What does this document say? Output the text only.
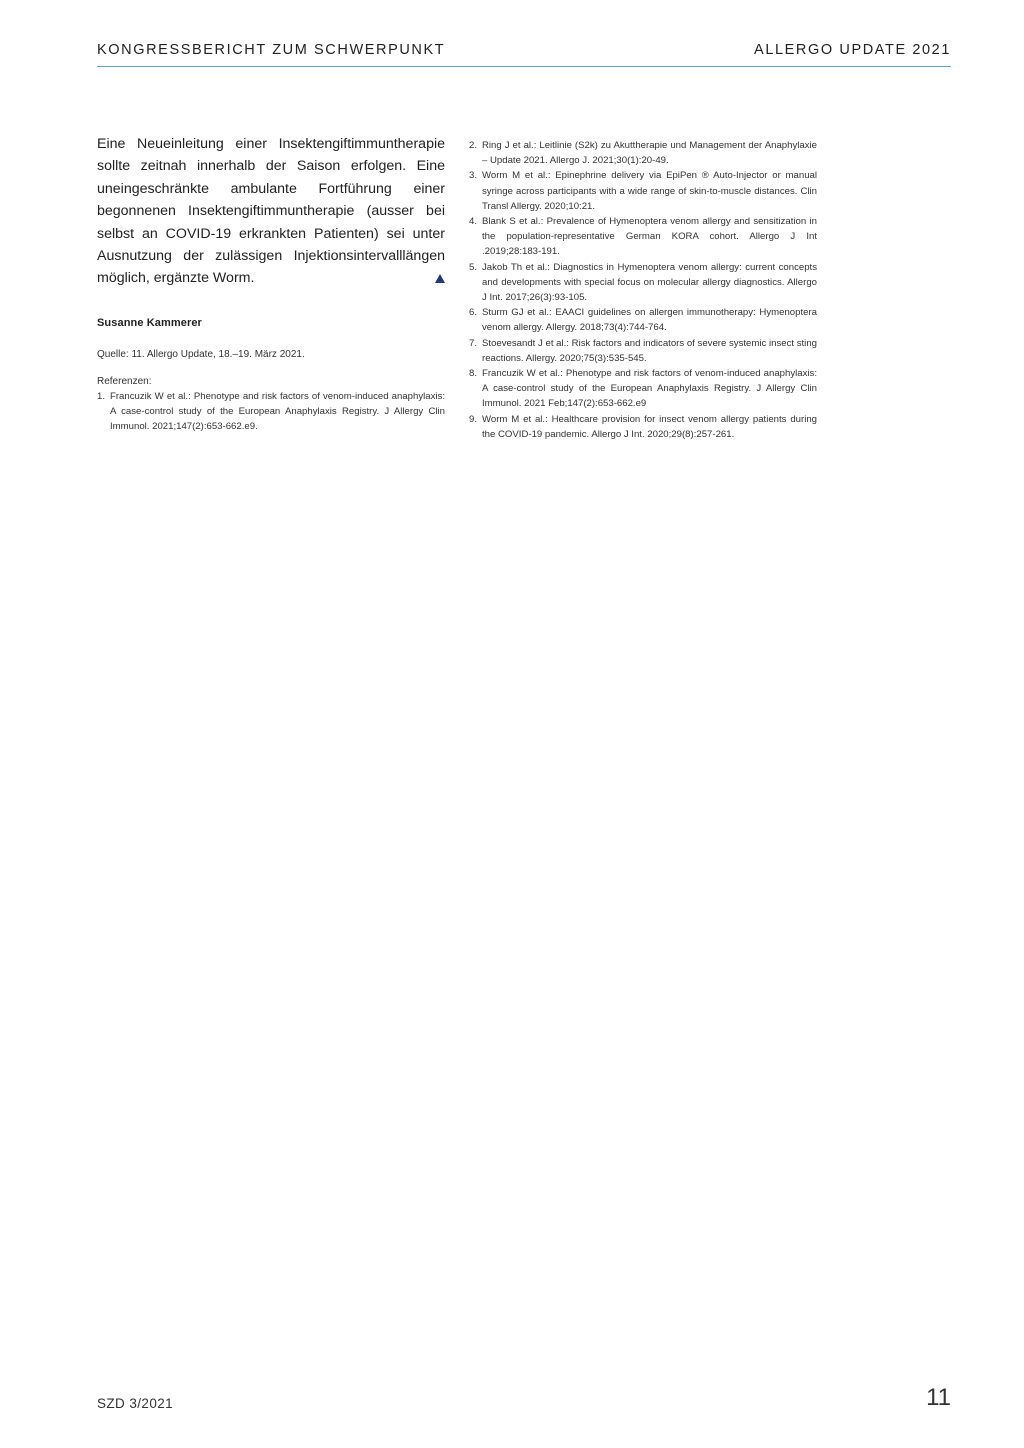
KONGRESSBERICHT ZUM SCHWERPUNKT	ALLERGO UPDATE 2021

Eine Neueinleitung einer Insektengiftimmuntherapie sollte zeitnah innerhalb der Saison erfolgen. Eine uneingeschränkte ambulante Fortführung einer begonnenen Insektengiftimmuntherapie (ausser bei selbst an COVID-19 erkrankten Patienten) sei unter Ausnutzung der zulässigen Injektionsintervalllängen möglich, ergänzte Worm.

Susanne Kammerer
Quelle: 11. Allergo Update, 18.–19. März 2021.
Referenzen:
1. Francuzik W et al.: Phenotype and risk factors of venom-induced anaphylaxis: A case-control study of the European Anaphylaxis Registry. J Allergy Clin Immunol. 2021;147(2):653-662.e9.
2. Ring J et al.: Leitlinie (S2k) zu Akuttherapie und Management der Anaphylaxie – Update 2021. Allergo J. 2021;30(1):20-49.
3. Worm M et al.: Epinephrine delivery via EpiPen ® Auto-Injector or manual syringe across participants with a wide range of skin-to-muscle distances. Clin Transl Allergy. 2020;10:21.
4. Blank S et al.: Prevalence of Hymenoptera venom allergy and sensitization in the population-representative German KORA cohort. Allergo J Int .2019;28:183-191.
5. Jakob Th et al.: Diagnostics in Hymenoptera venom allergy: current concepts and developments with special focus on molecular allergy diagnostics. Allergo J Int. 2017;26(3):93-105.
6. Sturm GJ et al.: EAACI guidelines on allergen immunotherapy: Hymenoptera venom allergy. Allergy. 2018;73(4):744-764.
7. Stoevesandt J et al.: Risk factors and indicators of severe systemic insect sting reactions. Allergy. 2020;75(3):535-545.
8. Francuzik W et al.: Phenotype and risk factors of venom-induced anaphylaxis: A case-control study of the European Anaphylaxis Registry. J Allergy Clin Immunol. 2021 Feb;147(2):653-662.e9
9. Worm M et al.: Healthcare provision for insect venom allergy patients during the COVID-19 pandemic. Allergo J Int. 2020;29(8):257-261.
SZD 3/2021	11
